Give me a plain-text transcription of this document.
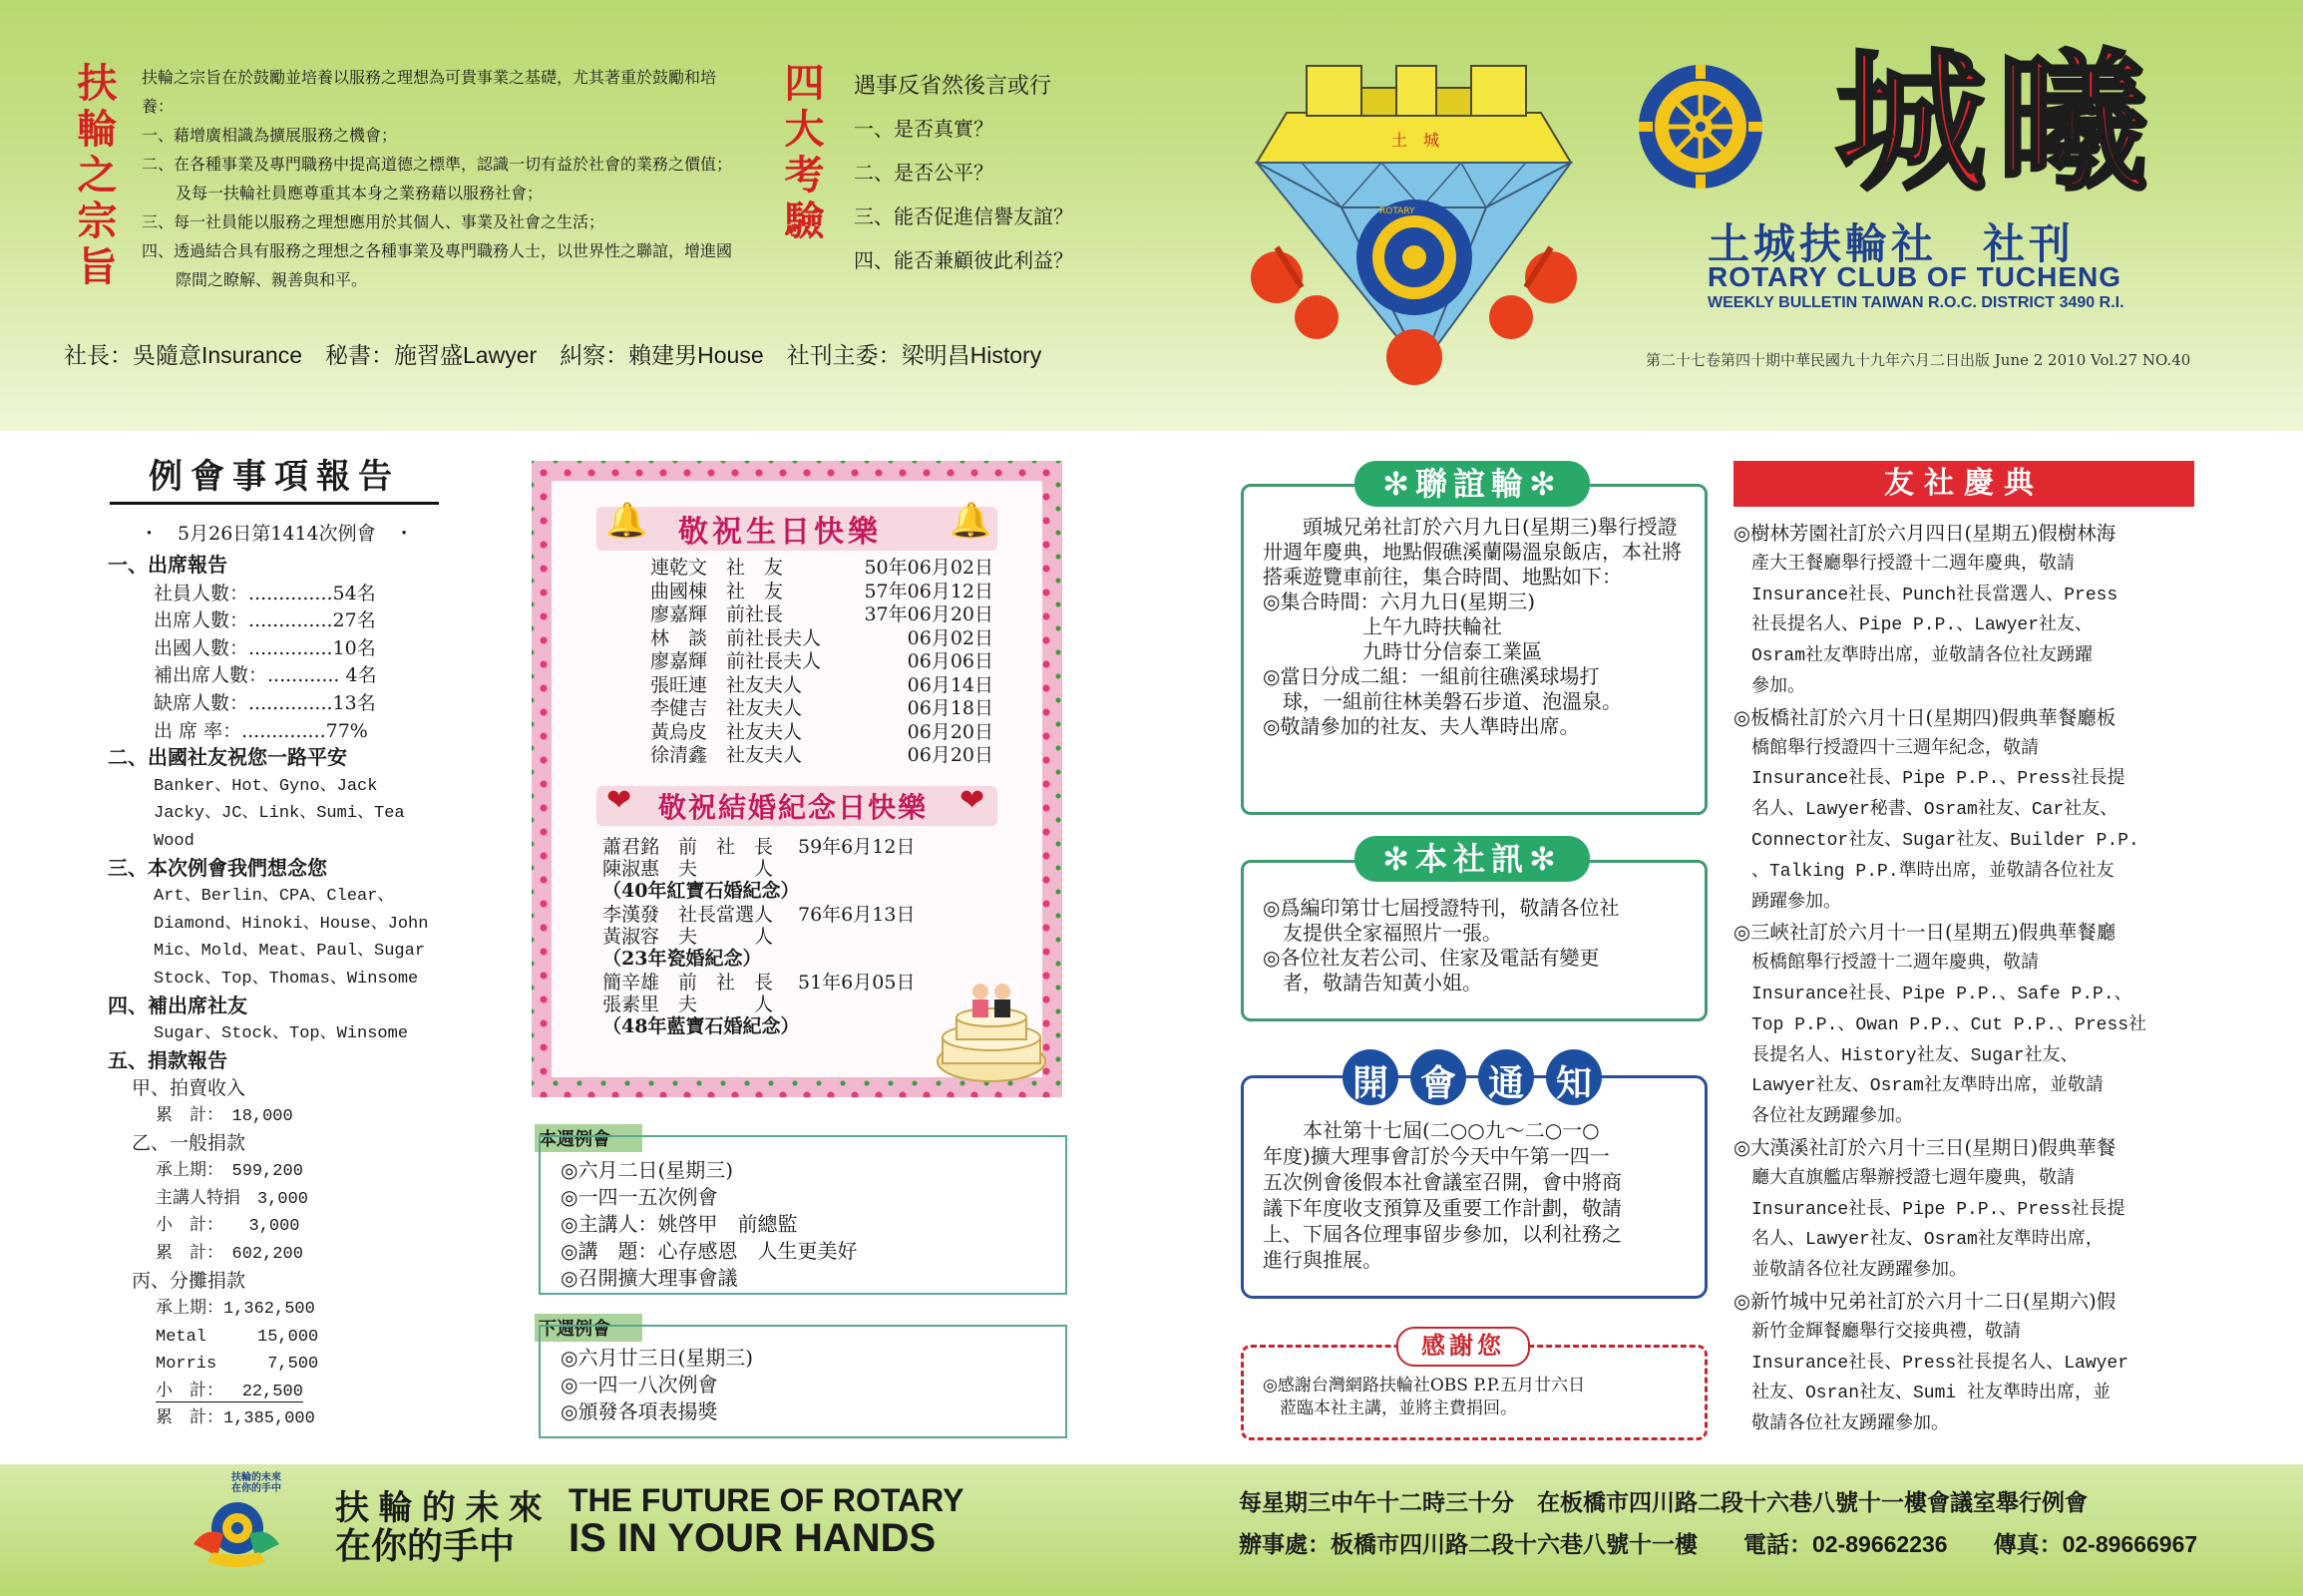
扶輪之宗旨	扶輪之宗旨在於鼓勵並培養以服務之理想為可貴事業之基礎，尤其著重於鼓勵和培養：
一、藉增廣相識為擴展服務之機會；
二、在各種事業及專門職務中提高道德之標準，認識一切有益於社會的業務之價值；及每一扶輪社員應尊重其本身之業務藉以服務社會；
三、每一社員能以服務之理想應用於其個人、事業及社會之生活；
四、透過結合具有服務之理想之各種事業及專門職務人士，以世界性之聯誼，增進國際間之瞭解、親善與和平。
四大考驗 遇事反省然後言或行
一、是否真實？
二、是否公平？
三、能否促進信譽友誼？
四、能否兼顧彼此利益？
社長：吳隨意Insurance　秘書：施習盛Lawyer　糾察：賴建男House　社刊主委：梁明昌History
土　城
ROTARY	城曦
土城扶輪社　社刊
ROTARY CLUB OF TUCHENG
WEEKLY BULLETIN TAIWAN R.O.C. DISTRICT 3490 R.I.
第二十七卷第四十期中華民國九十九年六月二日出版 June 2 2010 Vol.27 NO.40
例會事項報告
・　5月26日第1414次例會　・
一、出席報告
社員人數：..............54名
出席人數：..............27名
出國人數：..............10名
補出席人數：............ 4名
缺席人數：..............13名
出 席 率：..............77%
二、出國社友祝您一路平安
Banker、Hot、Gyno、Jack
Jacky、JC、Link、Sumi、Tea
Wood
三、本次例會我們想念您
Art、Berlin、CPA、Clear、
Diamond、Hinoki、House、John
Mic、Mold、Meat、Paul、Sugar
Stock、Top、Thomas、Winsome
四、補出席社友
Sugar、Stock、Top、Winsome
五、捐款報告
甲、拍賣收入
累　計：　18,000
乙、一般捐款
承上期：　599,200
主講人特捐　3,000
小　計：　　3,000
累　計：　602,200
丙、分攤捐款
承上期：1,362,500
Metal　　　15,000
Morris　　　7,500
小　計：　 22,500
累　計：1,385,000
🔔	🔔
敬祝生日快樂
連乾文 社　友	50年06月02日
曲國棟 社　友	57年06月12日
廖嘉輝 前社長	37年06月20日
林　談 前社長夫人	06月02日
廖嘉輝 前社長夫人	06月06日
張旺連 社友夫人	06月14日
李健吉 社友夫人	06月18日
黃烏皮 社友夫人	06月20日
徐清鑫 社友夫人	06月20日
❤	❤
敬祝結婚紀念日快樂
蕭君銘 前　社　長 59年6月12日
陳淑惠 夫　　　人
（40年紅寶石婚紀念）
李漢發 社長當選人 76年6月13日
黃淑容 夫　　　人
（23年瓷婚紀念）
簡辛雄 前　社　長 51年6月05日
張素里 夫　　　人
（48年藍寶石婚紀念）
本週例會
◎六月二日(星期三)
◎一四一五次例會
◎主講人：姚啓甲　前總監
◎講　題：心存感恩　人生更美好
◎召開擴大理事會議
下週例會
◎六月廿三日(星期三)
◎一四一八次例會
◎頒發各項表揚獎
✻聯誼輪✻
　　頭城兄弟社訂於六月九日(星期三)舉行授證卅週年慶典，地點假礁溪蘭陽溫泉飯店，本社將搭乘遊覽車前往，集合時間、地點如下：
◎集合時間：六月九日(星期三)
　　　　　上午九時扶輪社
　　　　　九時廿分信泰工業區
◎當日分成二組：一組前往礁溪球場打
　球，一組前往林美磐石步道、泡溫泉。
◎敬請參加的社友、夫人準時出席。
✻本社訊✻
◎爲編印第廿七屆授證特刊，敬請各位社
　友提供全家福照片一張。
◎各位社友若公司、住家及電話有變更
　者，敬請告知黃小姐。
開 會 通 知
　　本社第十七屆(二○○九～二○一○
年度)擴大理事會訂於今天中午第一四一
五次例會後假本社會議室召開，會中將商
議下年度收支預算及重要工作計劃，敬請
上、下屆各位理事留步參加，以利社務之
進行與推展。
感謝您
◎感謝台灣網路扶輪社OBS P.P.五月廿六日
　蒞臨本社主講，並將主費捐回。
友社慶典
◎樹林芳園社訂於六月四日(星期五)假樹林海
　產大王餐廳舉行授證十二週年慶典，敬請
　Insurance社長、Punch社長當選人、Press
　社長提名人、Pipe P.P.、Lawyer社友、
　Osram社友準時出席，並敬請各位社友踴躍
　參加。
◎板橋社訂於六月十日(星期四)假典華餐廳板
　橋館舉行授證四十三週年紀念，敬請
　Insurance社長、Pipe P.P.、Press社長提
　名人、Lawyer秘書、Osram社友、Car社友、
　Connector社友、Sugar社友、Builder P.P.
　、Talking P.P.準時出席，並敬請各位社友
　踴躍參加。
◎三峽社訂於六月十一日(星期五)假典華餐廳
　板橋館舉行授證十二週年慶典，敬請
　Insurance社長、Pipe P.P.、Safe P.P.、
　Top P.P.、Owan P.P.、Cut P.P.、Press社
　長提名人、History社友、Sugar社友、
　Lawyer社友、Osram社友準時出席，並敬請
　各位社友踴躍參加。
◎大漢溪社訂於六月十三日(星期日)假典華餐
　廳大直旗艦店舉辦授證七週年慶典，敬請
　Insurance社長、Pipe P.P.、Press社長提
　名人、Lawyer社友、Osram社友準時出席，
　並敬請各位社友踴躍參加。
◎新竹城中兄弟社訂於六月十二日(星期六)假
　新竹金輝餐廳舉行交接典禮，敬請
　Insurance社長、Press社長提名人、Lawyer
　社友、Osran社友、Sumi 社友準時出席，並
　敬請各位社友踴躍參加。
扶輪的未來
在你的手中
扶 輪 的 未 來
在你的手中
THE FUTURE OF ROTARY
IS IN YOUR HANDS
每星期三中午十二時三十分　在板橋市四川路二段十六巷八號十一樓會議室舉行例會
辦事處：板橋市四川路二段十六巷八號十一樓　　 電話：02-89662236　　 傳真：02-89666967
